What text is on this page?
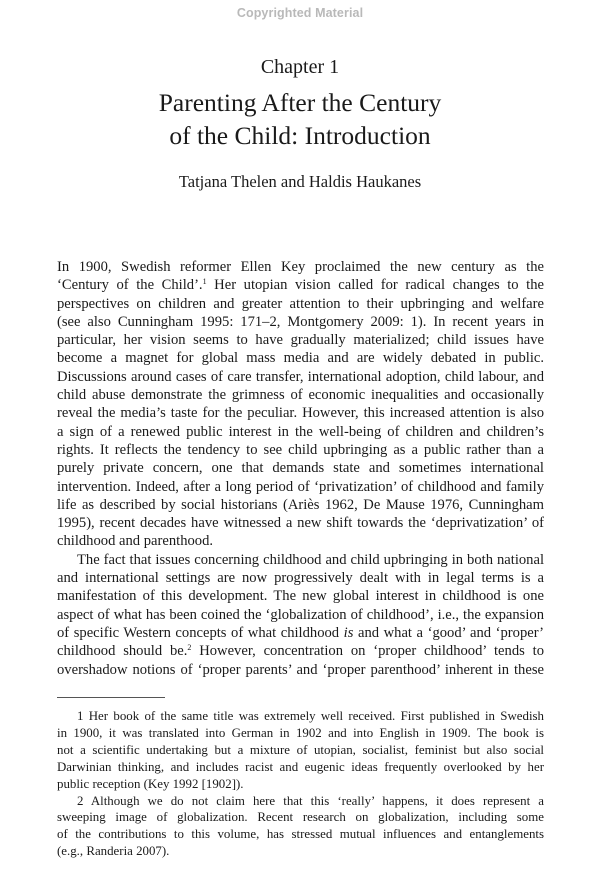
Copyrighted Material
Chapter 1
Parenting After the Century
of the Child: Introduction
Tatjana Thelen and Haldis Haukanes
In 1900, Swedish reformer Ellen Key proclaimed the new century as the
‘Century of the Child’.$^1$ Her utopian vision called for radical changes to the
perspectives on children and greater attention to their upbringing and welfare
(see also Cunningham 1995: 171–2, Montgomery 2009: 1). In recent years in
particular, her vision seems to have gradually materialized; child issues have
become a magnet for global mass media and are widely debated in public.
Discussions around cases of care transfer, international adoption, child labour, and
child abuse demonstrate the grimness of economic inequalities and occasionally
reveal the media’s taste for the peculiar. However, this increased attention is also
a sign of a renewed public interest in the well-being of children and children’s
rights. It reflects the tendency to see child upbringing as a public rather than a
purely private concern, one that demands state and sometimes international
intervention. Indeed, after a long period of ‘privatization’ of childhood and family
life as described by social historians (Ariès 1962, De Mause 1976, Cunningham
1995), recent decades have witnessed a new shift towards the ‘deprivatization’ of
childhood and parenthood.
The fact that issues concerning childhood and child upbringing in both national
and international settings are now progressively dealt with in legal terms is a
manifestation of this development. The new global interest in childhood is one
aspect of what has been coined the ‘globalization of childhood’, i.e., the expansion
of specific Western concepts of what childhood is and what a ‘good’ and ‘proper’
childhood should be.$^2$ However, concentration on ‘proper childhood’ tends to
overshadow notions of ‘proper parents’ and ‘proper parenthood’ inherent in these
1 Her book of the same title was extremely well received. First published in Swedish
in 1900, it was translated into German in 1902 and into English in 1909. The book is
not a scientific undertaking but a mixture of utopian, socialist, feminist but also social
Darwinian thinking, and includes racist and eugenic ideas frequently overlooked by her
public reception (Key 1992 [1902]).
2 Although we do not claim here that this ‘really’ happens, it does represent a
sweeping image of globalization. Recent research on globalization, including some
of the contributions to this volume, has stressed mutual influences and entanglements
(e.g., Randeria 2007).
